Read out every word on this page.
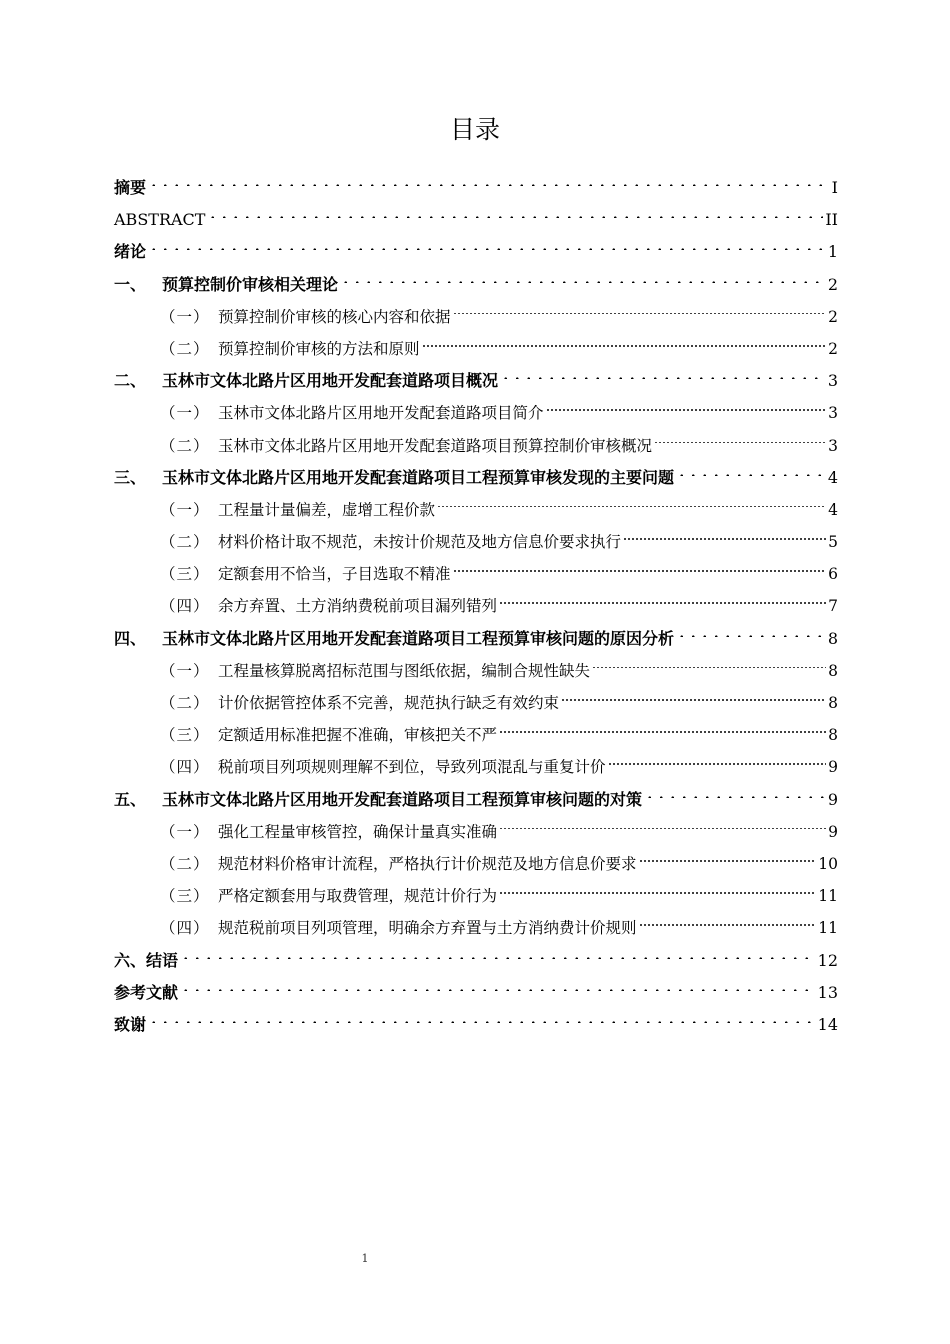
目录
摘要	I
ABSTRACT	II
绪论	1
一、 预算控制价审核相关理论	2
（一） 预算控制价审核的核心内容和依据	2
（二） 预算控制价审核的方法和原则	2
二、 玉林市文体北路片区用地开发配套道路项目概况	3
（一） 玉林市文体北路片区用地开发配套道路项目简介	3
（二） 玉林市文体北路片区用地开发配套道路项目预算控制价审核概况	3
三、 玉林市文体北路片区用地开发配套道路项目工程预算审核发现的主要问题	4
（一） 工程量计量偏差，虚增工程价款	4
（二） 材料价格计取不规范，未按计价规范及地方信息价要求执行	5
（三） 定额套用不恰当，子目选取不精准	6
（四） 余方弃置、土方消纳费税前项目漏列错列	7
四、 玉林市文体北路片区用地开发配套道路项目工程预算审核问题的原因分析	8
（一） 工程量核算脱离招标范围与图纸依据，编制合规性缺失	8
（二） 计价依据管控体系不完善，规范执行缺乏有效约束	8
（三） 定额适用标准把握不准确，审核把关不严	8
（四） 税前项目列项规则理解不到位，导致列项混乱与重复计价	9
五、 玉林市文体北路片区用地开发配套道路项目工程预算审核问题的对策	9
（一） 强化工程量审核管控，确保计量真实准确	9
（二） 规范材料价格审计流程，严格执行计价规范及地方信息价要求	10
（三） 严格定额套用与取费管理，规范计价行为	11
（四） 规范税前项目列项管理，明确余方弃置与土方消纳费计价规则	11
六、结语	12
参考文献	13
致谢	14
1
